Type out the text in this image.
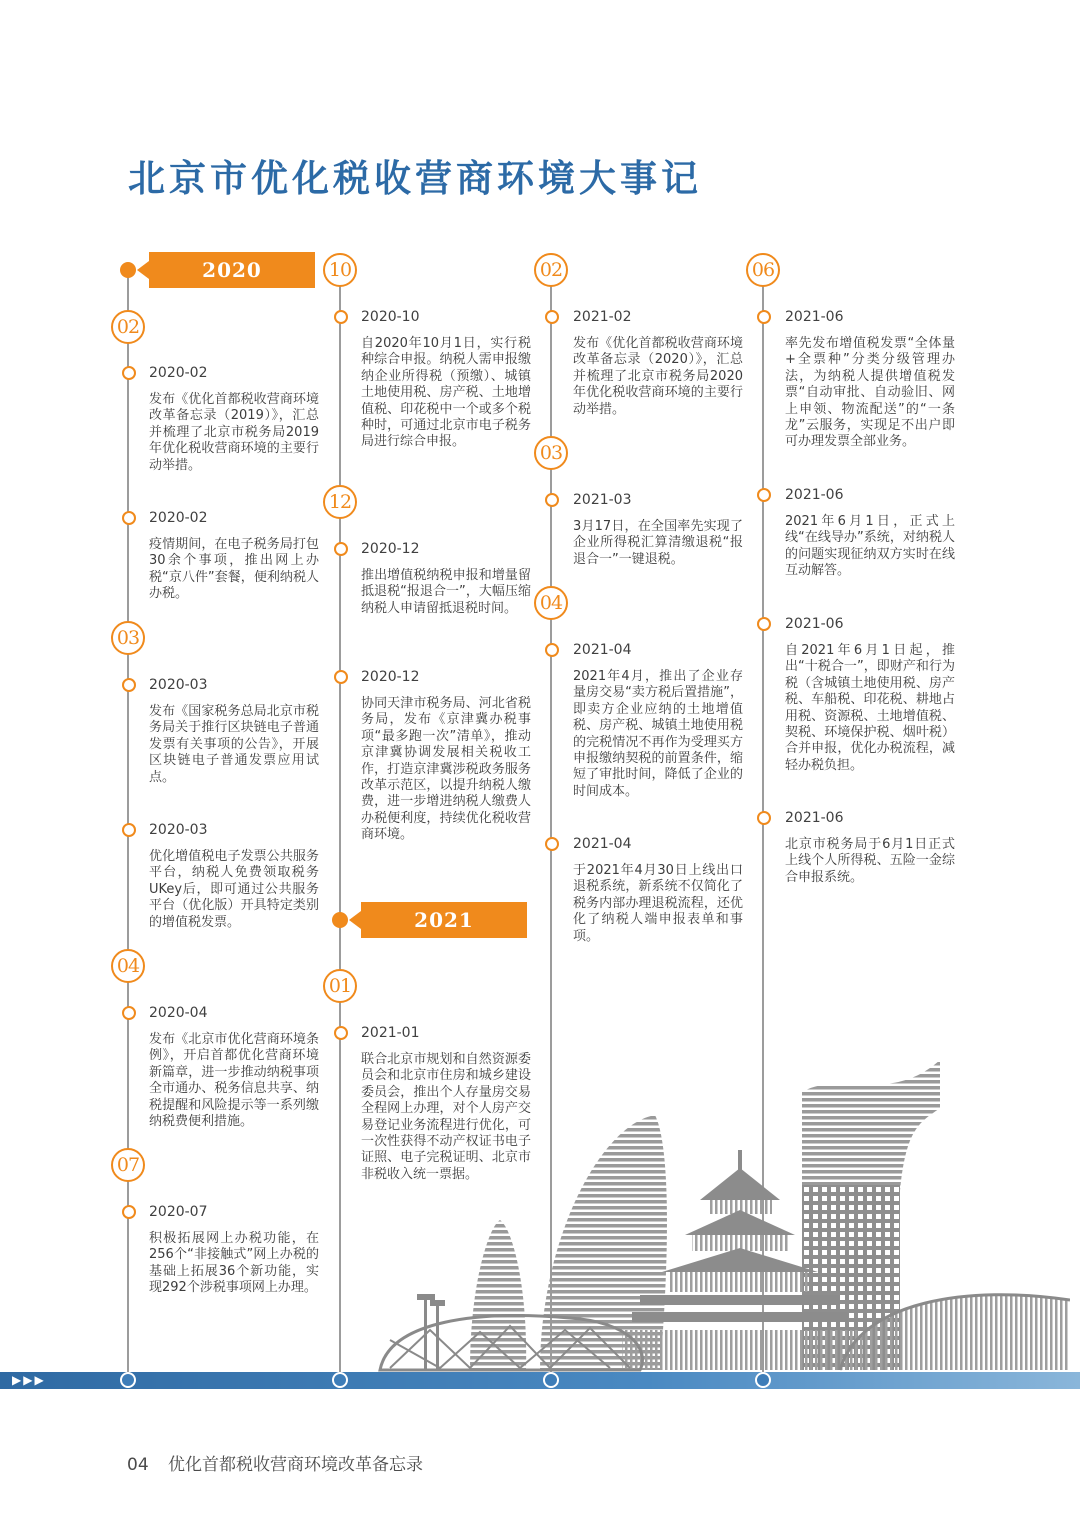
北京市优化税收营商环境大事记
2020
2021
02
03
04
07
10
12
01
02
03
04
06
2020-02
发布《优化首都税收营商环境改革备忘录（2019）》，汇总并梳理了北京市税务局2019年优化税收营商环境的主要行动举措。
2020-02
疫情期间，在电子税务局打包30余个事项，推出网上办税“京八件”套餐，便利纳税人办税。
2020-03
发布《国家税务总局北京市税务局关于推行区块链电子普通发票有关事项的公告》，开展区块链电子普通发票应用试点。
2020-03
优化增值税电子发票公共服务平台，纳税人免费领取税务UKey后，即可通过公共服务平台（优化版）开具特定类别的增值税发票。
2020-04
发布《北京市优化营商环境条例》，开启首都优化营商环境新篇章，进一步推动纳税事项全市通办、税务信息共享、纳税提醒和风险提示等一系列缴纳税费便利措施。
2020-07
积极拓展网上办税功能，在256个“非接触式”网上办税的基础上拓展36个新功能，实现292个涉税事项网上办理。
2020-10
自2020年10月1日，实行税种综合申报。纳税人需申报缴纳企业所得税（预缴）、城镇土地使用税、房产税、土地增值税、印花税中一个或多个税种时，可通过北京市电子税务局进行综合申报。
2020-12
推出增值税纳税申报和增量留抵退税“报退合一”，大幅压缩纳税人申请留抵退税时间。
2020-12
协同天津市税务局、河北省税务局，发布《京津冀办税事项“最多跑一次”清单》，推动京津冀协调发展相关税收工作，打造京津冀涉税政务服务改革示范区，以提升纳税人缴费，进一步增进纳税人缴费人办税便利度，持续优化税收营商环境。
2021-01
联合北京市规划和自然资源委员会和北京市住房和城乡建设委员会，推出个人存量房交易全程网上办理，对个人房产交易登记业务流程进行优化，可一次性获得不动产权证书电子证照、电子完税证明、北京市非税收入统一票据。
2021-02
发布《优化首都税收营商环境改革备忘录（2020）》，汇总并梳理了北京市税务局2020年优化税收营商环境的主要行动举措。
2021-03
3月17日，在全国率先实现了企业所得税汇算清缴退税“报退合一”一键退税。
2021-04
2021年4月，推出了企业存量房交易“卖方税后置措施”，即卖方企业应纳的土地增值税、房产税、城镇土地使用税的完税情况不再作为受理买方申报缴纳契税的前置条件，缩短了审批时间，降低了企业的时间成本。
2021-04
于2021年4月30日上线出口退税系统，新系统不仅简化了税务内部办理退税流程，还优化了纳税人端申报表单和事项。
2021-06
率先发布增值税发票“全体量+全票种”分类分级管理办法，为纳税人提供增值税发票“自动审批、自动验旧、网上申领、物流配送”的“一条龙”云服务，实现足不出户即可办理发票全部业务。
2021-06
2021年6月1日，正式上线“在线导办”系统，对纳税人的问题实现征纳双方实时在线互动解答。
2021-06
自2021年6月1日起，推出“十税合一”，即财产和行为税（含城镇土地使用税、房产税、车船税、印花税、耕地占用税、资源税、土地增值税、契税、环境保护税、烟叶税）合并申报，优化办税流程，减轻办税负担。
2021-06
北京市税务局于6月1日正式上线个人所得税、五险一金综合申报系统。
▶▶▶
04 优化首都税收营商环境改革备忘录
